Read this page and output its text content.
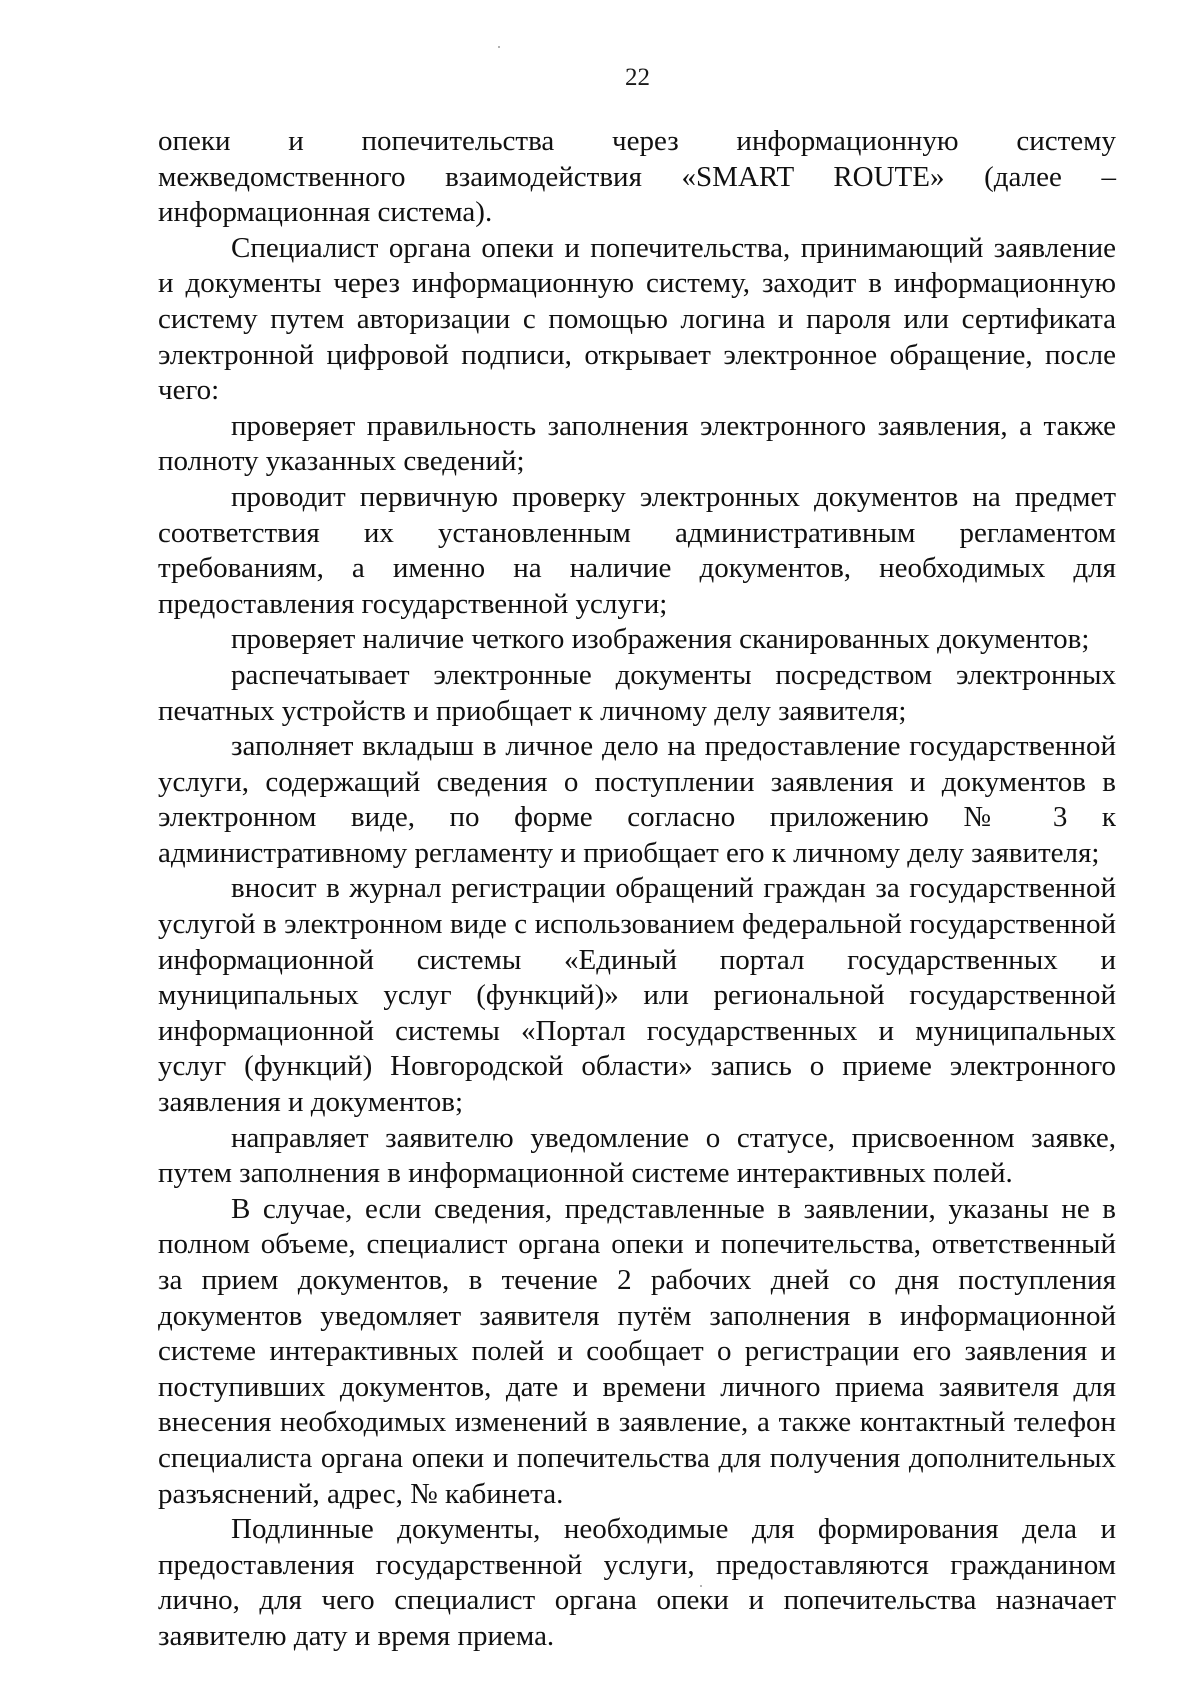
22

опеки и попечительства через информационную систему межведомственного взаимодействия «SMART ROUTE» (далее – информационная система).

Специалист органа опеки и попечительства, принимающий заявление и документы через информационную систему, заходит в информационную систему путем авторизации с помощью логина и пароля или сертификата электронной цифровой подписи, открывает электронное обращение, после чего:

проверяет правильность заполнения электронного заявления, а также полноту указанных сведений;

проводит первичную проверку электронных документов на предмет соответствия их установленным административным регламентом требованиям, а именно на наличие документов, необходимых для предоставления государственной услуги;

проверяет наличие четкого изображения сканированных документов;

распечатывает электронные документы посредством электронных печатных устройств и приобщает к личному делу заявителя;

заполняет вкладыш в личное дело на предоставление государственной услуги, содержащий сведения о поступлении заявления и документов в электронном виде, по форме согласно приложению № 3 к административному регламенту и приобщает его к личному делу заявителя;

вносит в журнал регистрации обращений граждан за государственной услугой в электронном виде с использованием федеральной государственной информационной системы «Единый портал государственных и муниципальных услуг (функций)» или региональной государственной информационной системы «Портал государственных и муниципальных услуг (функций) Новгородской области» запись о приеме электронного заявления и документов;

направляет заявителю уведомление о статусе, присвоенном заявке, путем заполнения в информационной системе интерактивных полей.

В случае, если сведения, представленные в заявлении, указаны не в полном объеме, специалист органа опеки и попечительства, ответственный за прием документов, в течение 2 рабочих дней со дня поступления документов уведомляет заявителя путём заполнения в информационной системе интерактивных полей и сообщает о регистрации его заявления и поступивших документов, дате и времени личного приема заявителя для внесения необходимых изменений в заявление, а также контактный телефон специалиста органа опеки и попечительства для получения дополнительных разъяснений, адрес, № кабинета.

Подлинные документы, необходимые для формирования дела и предоставления государственной услуги, предоставляются гражданином лично, для чего специалист органа опеки и попечительства назначает заявителю дату и время приема.
